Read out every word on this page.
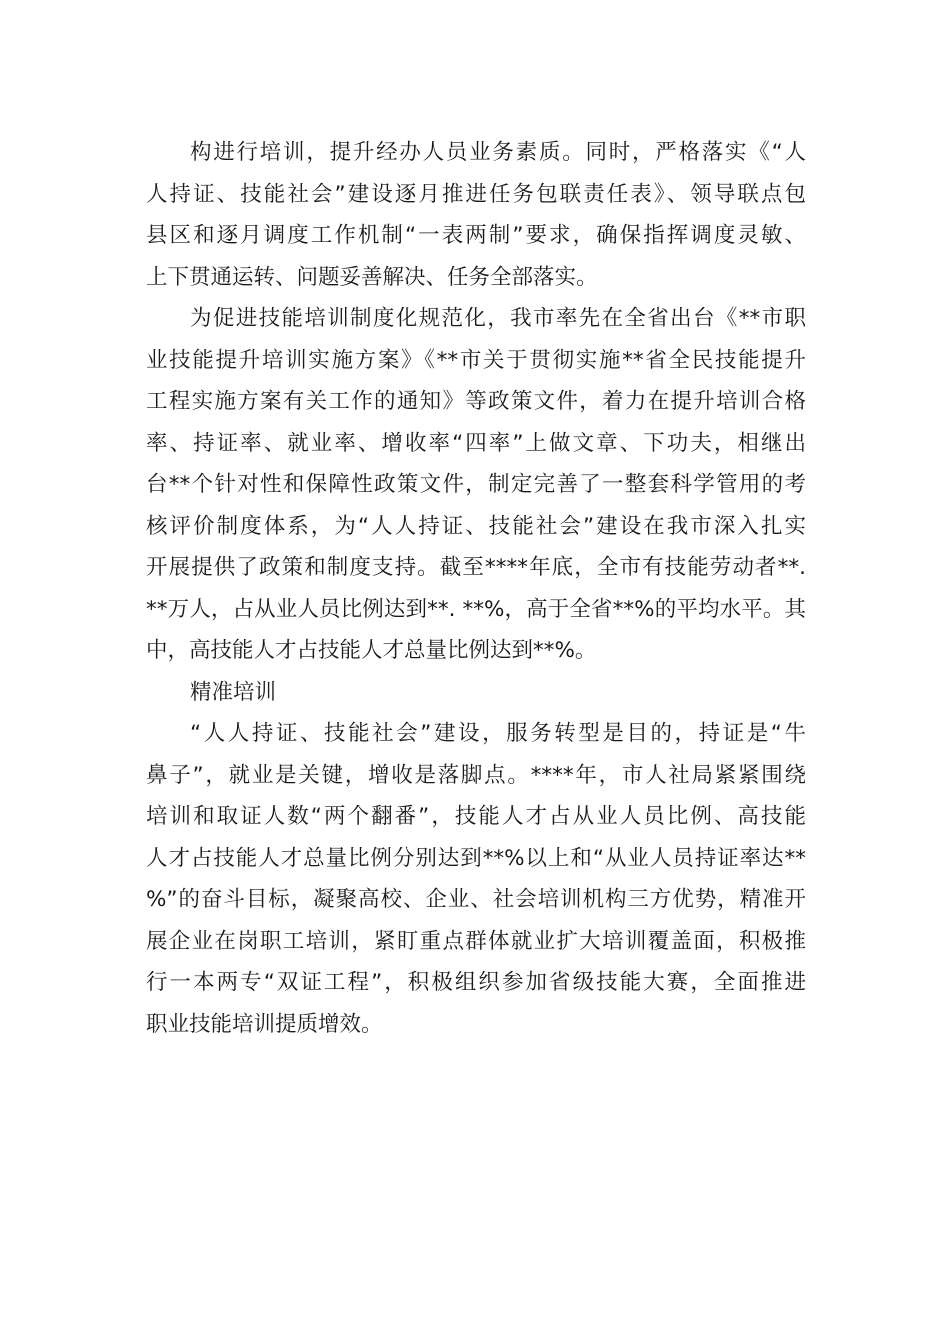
构进行培训，提升经办人员业务素质。同时，严格落实《“人
人持证、技能社会”建设逐月推进任务包联责任表》、领导联点包
县区和逐月调度工作机制“一表两制”要求，确保指挥调度灵敏、
上下贯通运转、问题妥善解决、任务全部落实。
为促进技能培训制度化规范化，我市率先在全省出台《**市职
业技能提升培训实施方案》《**市关于贯彻实施**省全民技能提升
工程实施方案有关工作的通知》等政策文件，着力在提升培训合格
率、持证率、就业率、增收率“四率”上做文章、下功夫，相继出
台**个针对性和保障性政策文件，制定完善了一整套科学管用的考
核评价制度体系，为“人人持证、技能社会”建设在我市深入扎实
开展提供了政策和制度支持。截至****年底，全市有技能劳动者**.
**万人，占从业人员比例达到**. **%，高于全省**%的平均水平。其
中，高技能人才占技能人才总量比例达到**%。
精准培训
“人人持证、技能社会”建设，服务转型是目的，持证是“牛
鼻子”，就业是关键，增收是落脚点。****年，市人社局紧紧围绕
培训和取证人数“两个翻番”，技能人才占从业人员比例、高技能
人才占技能人才总量比例分别达到**%以上和“从业人员持证率达**
%”的奋斗目标，凝聚高校、企业、社会培训机构三方优势，精准开
展企业在岗职工培训，紧盯重点群体就业扩大培训覆盖面，积极推
行一本两专“双证工程”，积极组织参加省级技能大赛，全面推进
职业技能培训提质增效。
